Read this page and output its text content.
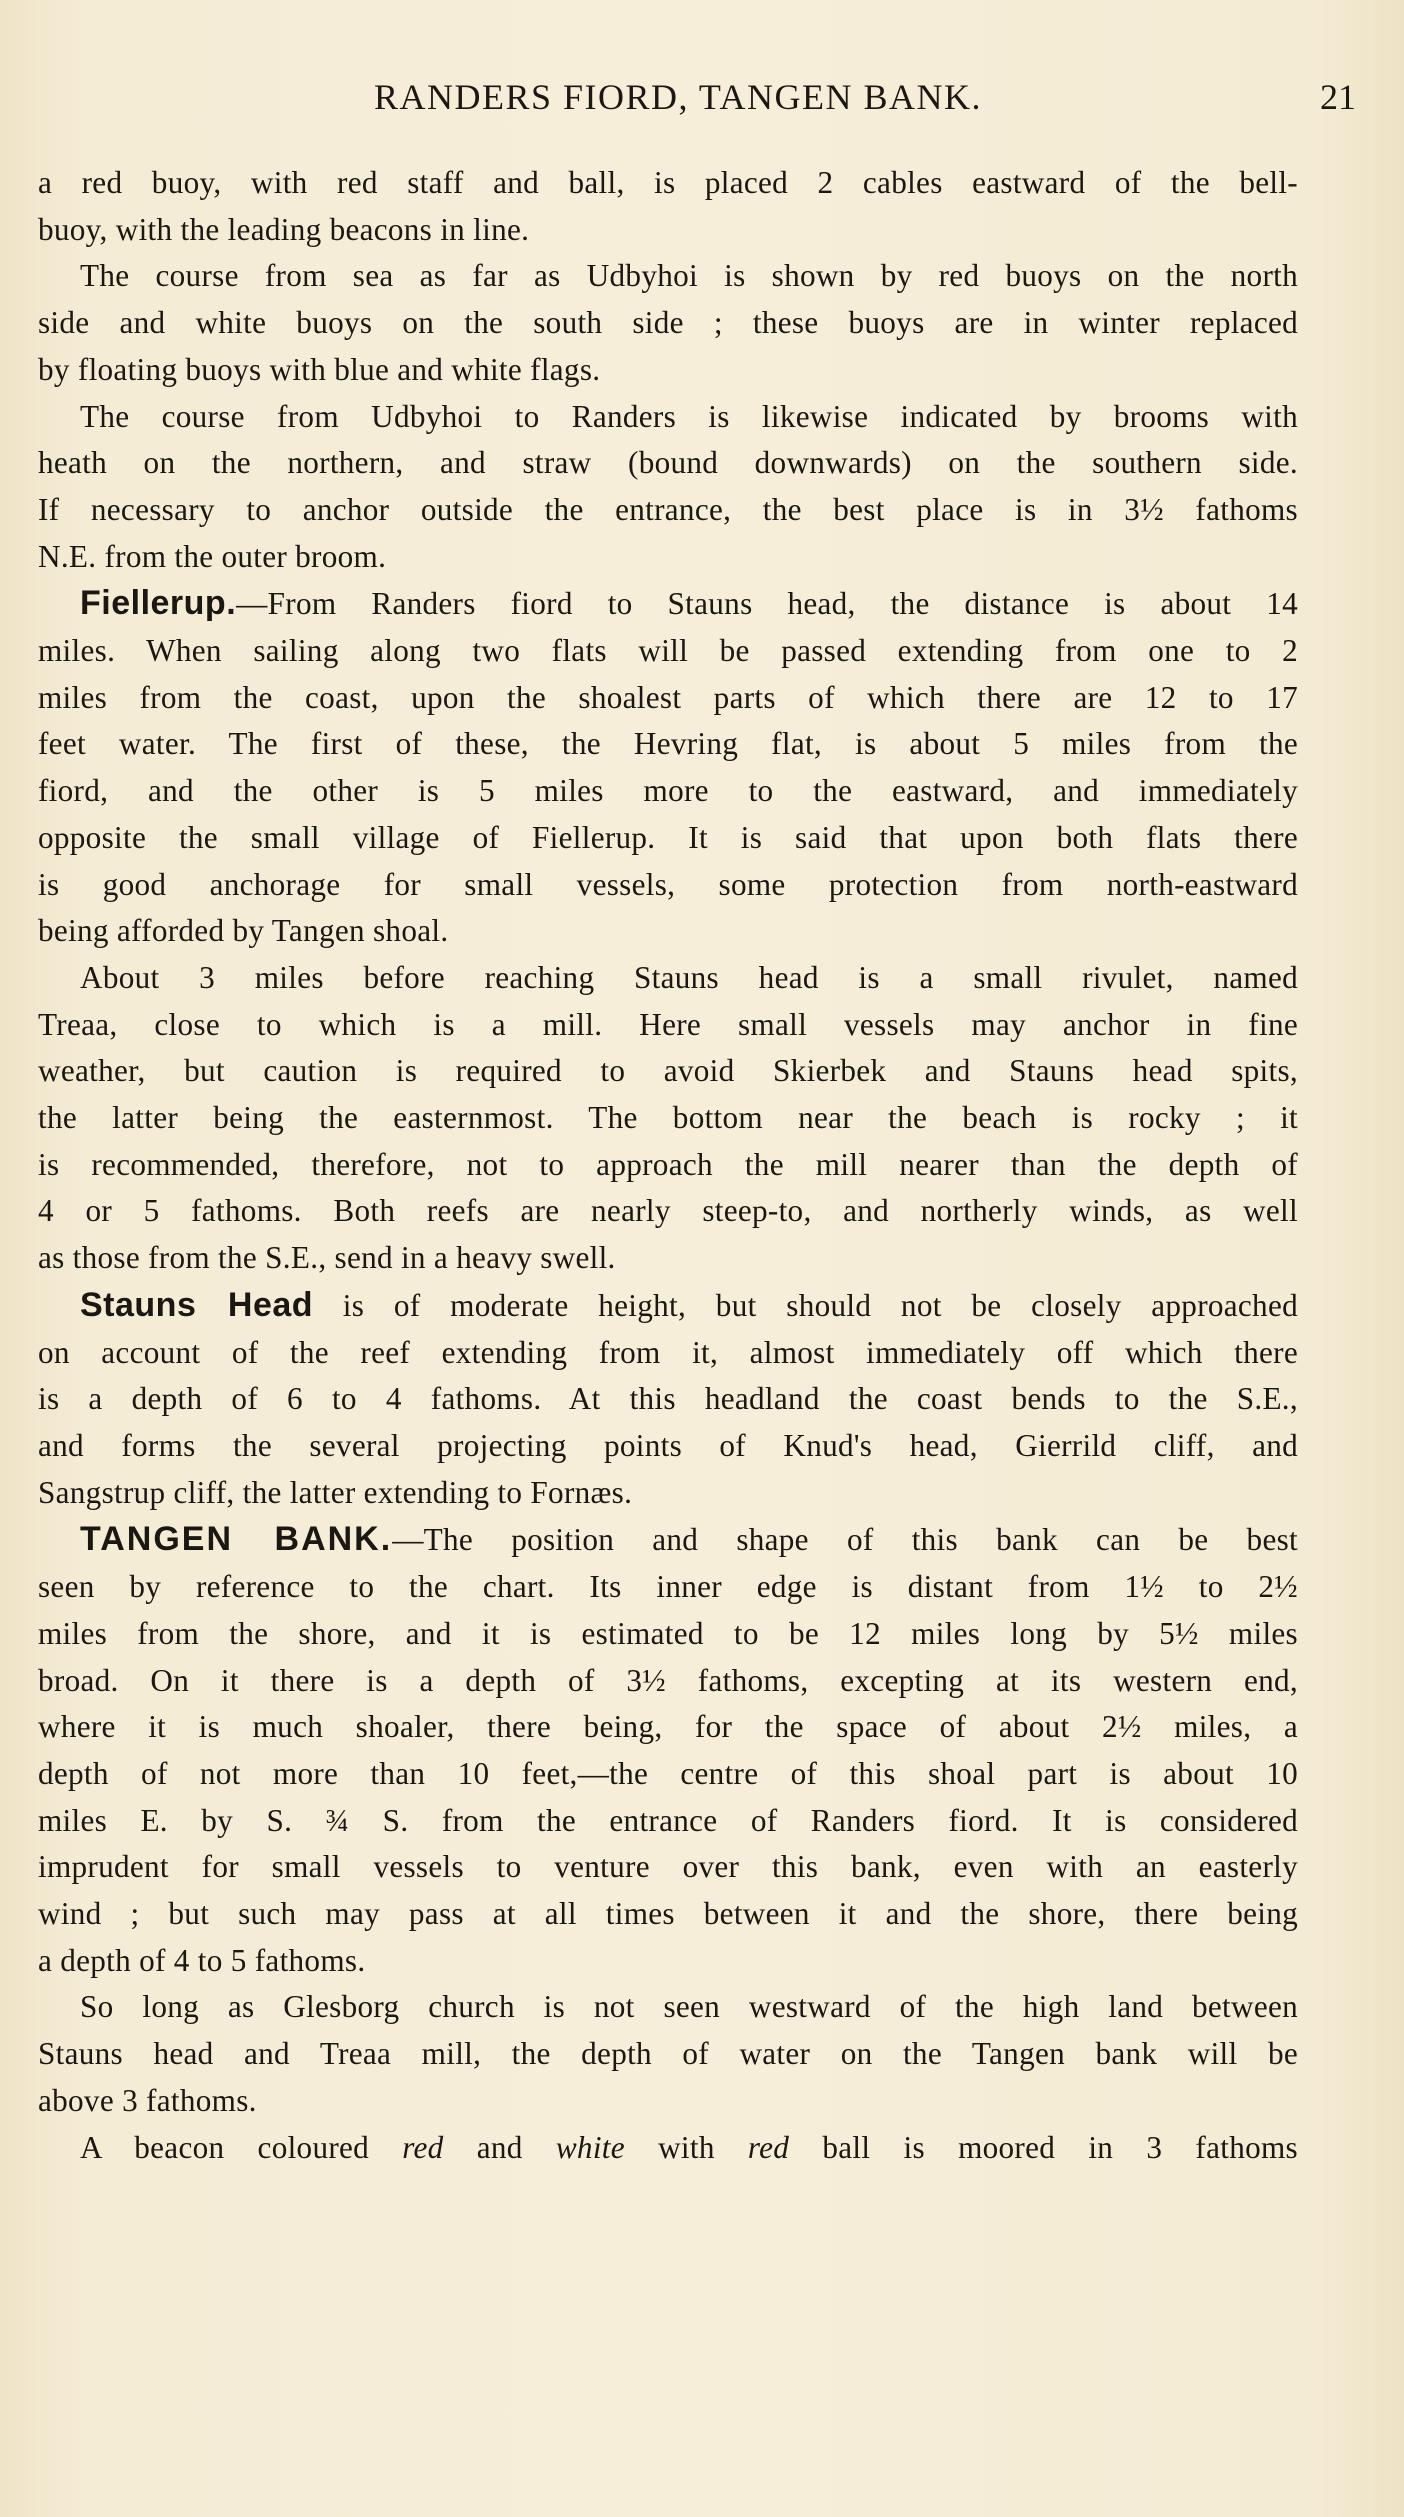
RANDERS FIORD, TANGEN BANK.	21

a red buoy, with red staff and ball, is placed 2 cables eastward of the bell-
buoy, with the leading beacons in line.

The course from sea as far as Udbyhoi is shown by red buoys on the north
side and white buoys on the south side ; these buoys are in winter replaced
by floating buoys with blue and white flags.

The course from Udbyhoi to Randers is likewise indicated by brooms with
heath on the northern, and straw (bound downwards) on the southern side.
If necessary to anchor outside the entrance, the best place is in 3½ fathoms
N.E. from the outer broom.

Fiellerup.—From Randers fiord to Stauns head, the distance is about 14
miles. When sailing along two flats will be passed extending from one to 2
miles from the coast, upon the shoalest parts of which there are 12 to 17
feet water. The first of these, the Hevring flat, is about 5 miles from the
fiord, and the other is 5 miles more to the eastward, and immediately
opposite the small village of Fiellerup. It is said that upon both flats there
is good anchorage for small vessels, some protection from north-eastward
being afforded by Tangen shoal.

About 3 miles before reaching Stauns head is a small rivulet, named
Treaa, close to which is a mill. Here small vessels may anchor in fine
weather, but caution is required to avoid Skierbek and Stauns head spits,
the latter being the easternmost. The bottom near the beach is rocky ; it
is recommended, therefore, not to approach the mill nearer than the depth of
4 or 5 fathoms. Both reefs are nearly steep-to, and northerly winds, as well
as those from the S.E., send in a heavy swell.

Stauns Head is of moderate height, but should not be closely approached
on account of the reef extending from it, almost immediately off which there
is a depth of 6 to 4 fathoms. At this headland the coast bends to the S.E.,
and forms the several projecting points of Knud's head, Gierrild cliff, and
Sangstrup cliff, the latter extending to Fornæs.

TANGEN BANK.—The position and shape of this bank can be best
seen by reference to the chart. Its inner edge is distant from 1½ to 2½
miles from the shore, and it is estimated to be 12 miles long by 5½ miles
broad. On it there is a depth of 3½ fathoms, excepting at its western end,
where it is much shoaler, there being, for the space of about 2½ miles, a
depth of not more than 10 feet,—the centre of this shoal part is about 10
miles E. by S. ¾ S. from the entrance of Randers fiord. It is considered
imprudent for small vessels to venture over this bank, even with an easterly
wind ; but such may pass at all times between it and the shore, there being
a depth of 4 to 5 fathoms.

So long as Glesborg church is not seen westward of the high land between
Stauns head and Treaa mill, the depth of water on the Tangen bank will be
above 3 fathoms.

A beacon coloured red and white with red ball is moored in 3 fathoms
